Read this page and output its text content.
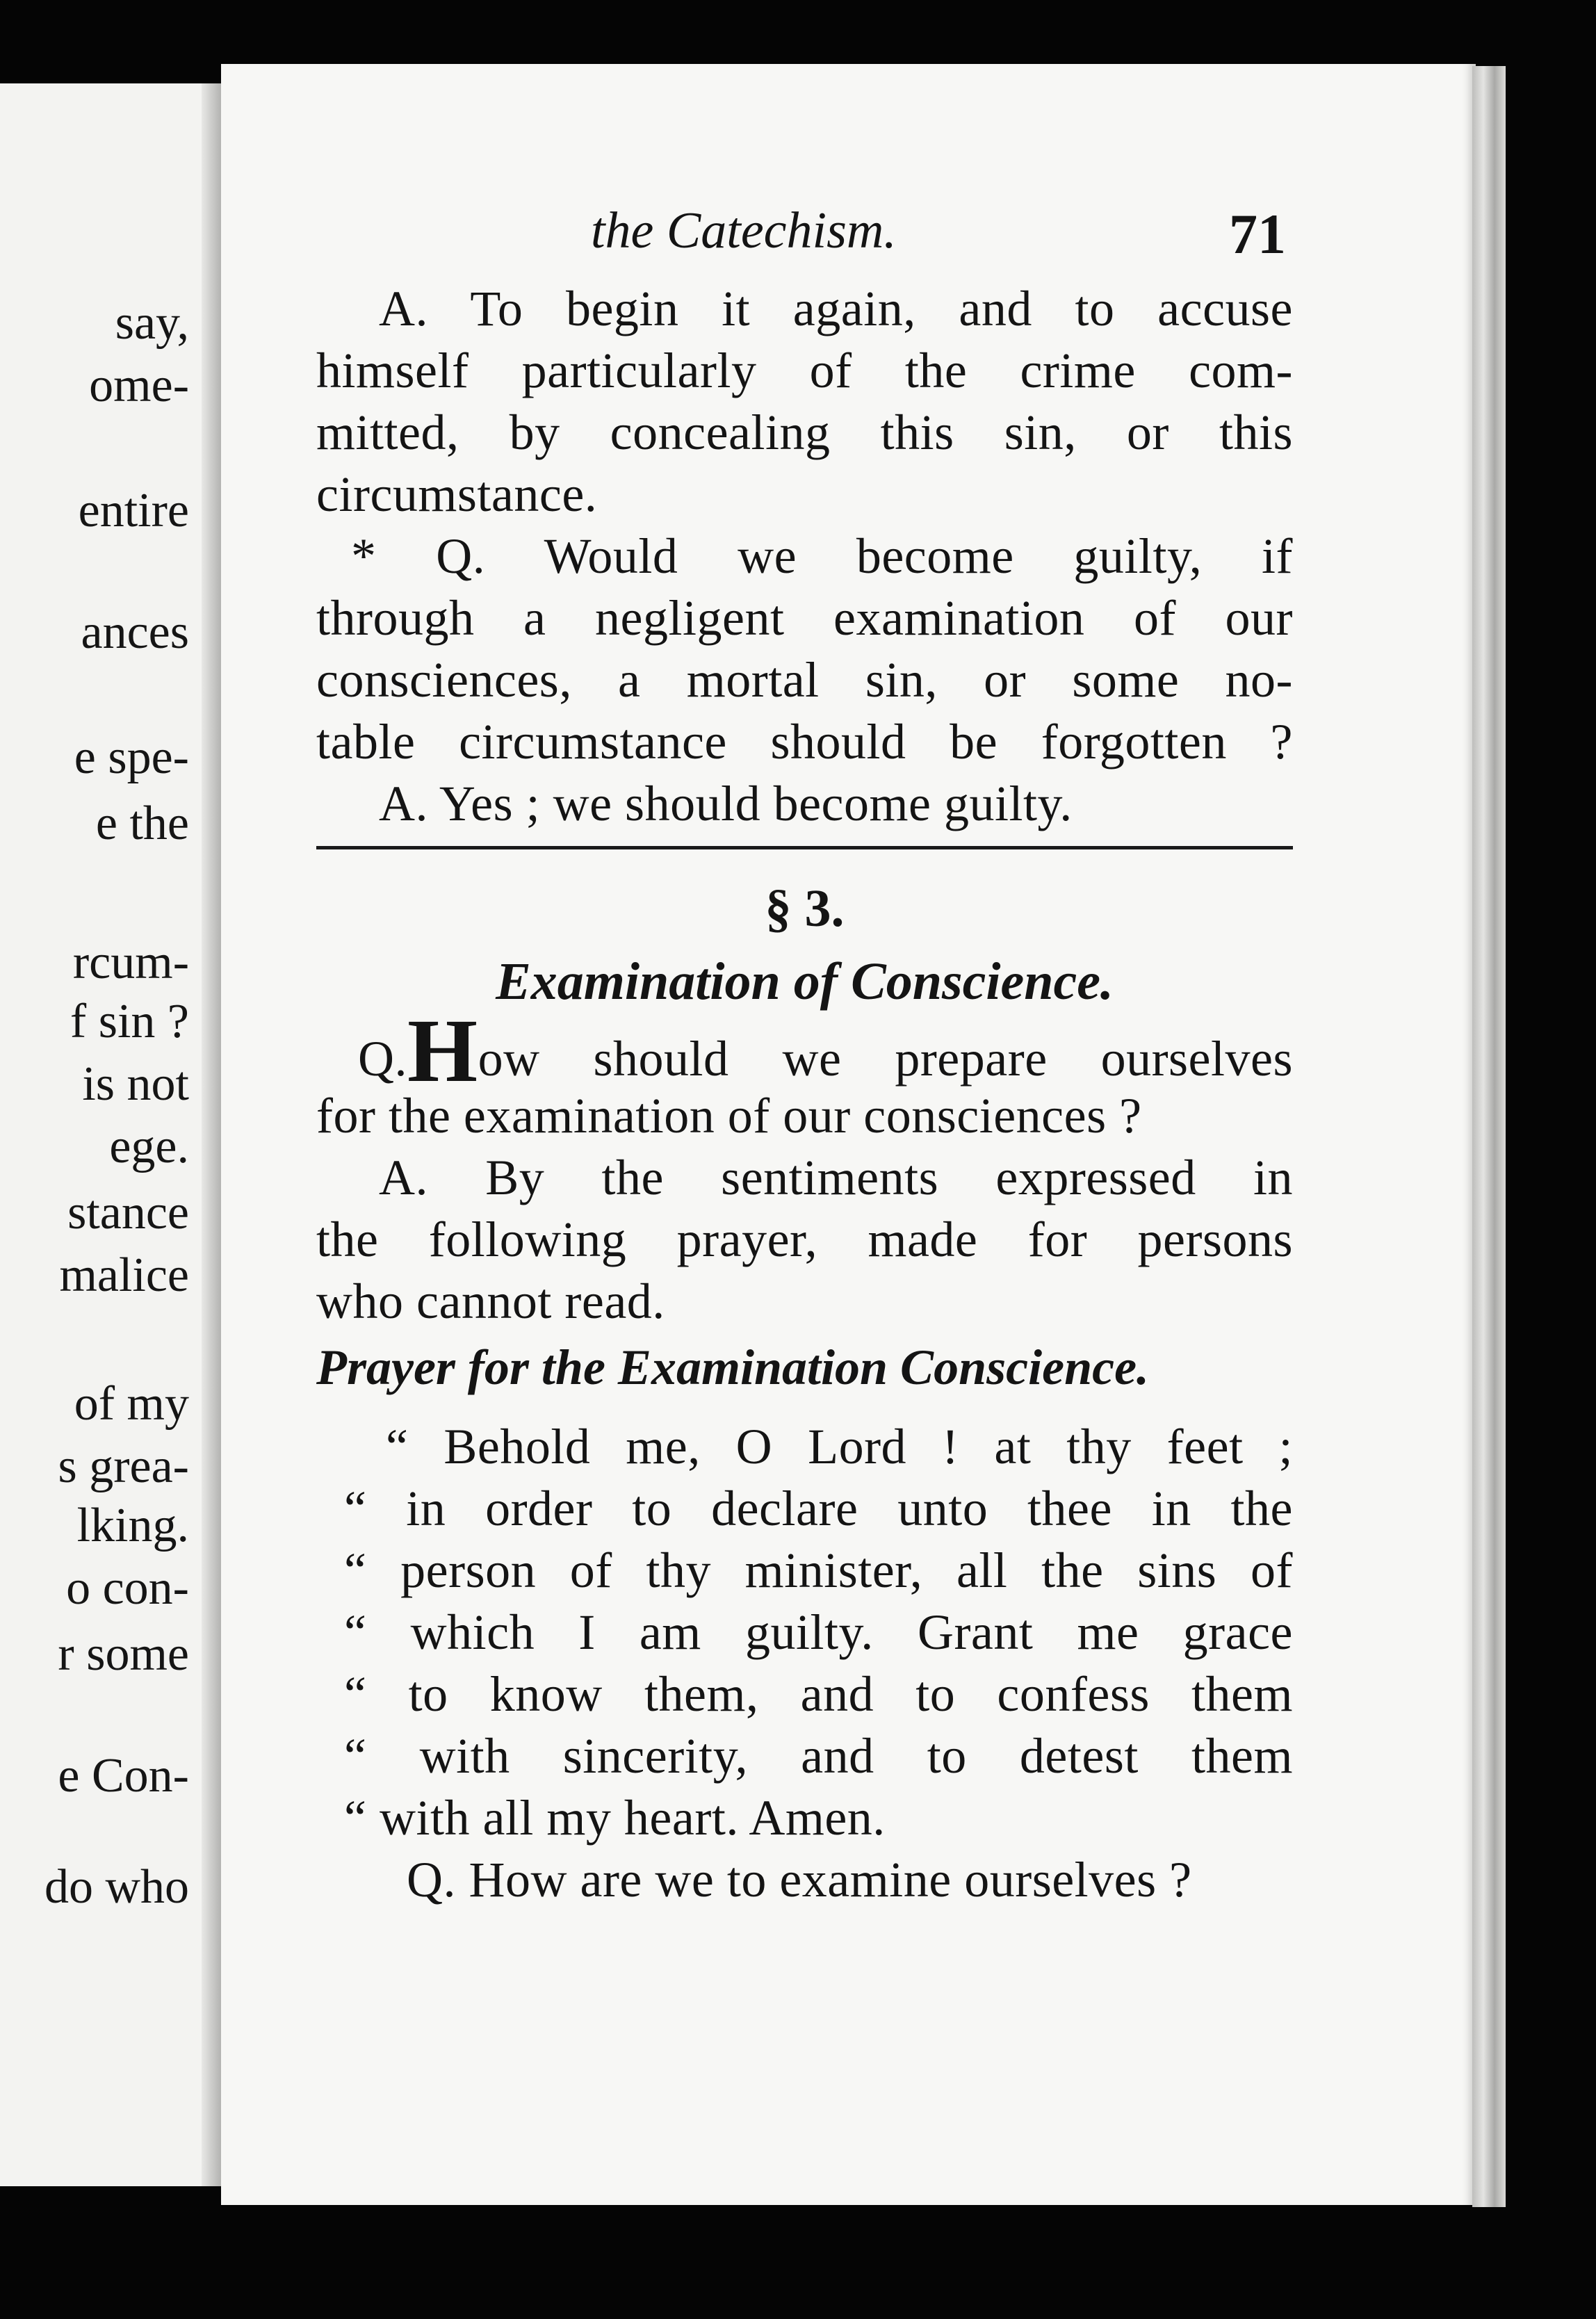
say,
ome-
entire
ances
e spe-
e the
rcum-
f sin ?
is not
ege.
stance
malice
of my
s grea-
lking.
o con-
r some
e Con-
do who
the Catechism.	71
A. To begin it again, and to accuse
himself particularly of the crime com-
mitted, by concealing this sin, or this
circumstance.
* Q. Would we become guilty, if
through a negligent examination of our
consciences, a mortal sin, or some no-
table circumstance should be forgotten ?
A. Yes ; we should become guilty.
§ 3.
Examination of Conscience.
Q.How should we prepare ourselves
for the examination of our consciences ?
A. By the sentiments expressed in
the following prayer, made for persons
who cannot read.
Prayer for the Examination Conscience.
“ Behold me, O Lord ! at thy feet ;
“ in order to declare unto thee in the
“ person of thy minister, all the sins of
“ which I am guilty. Grant me grace
“ to know them, and to confess them
“ with sincerity, and to detest them
“ with all my heart. Amen.
Q. How are we to examine ourselves ?
